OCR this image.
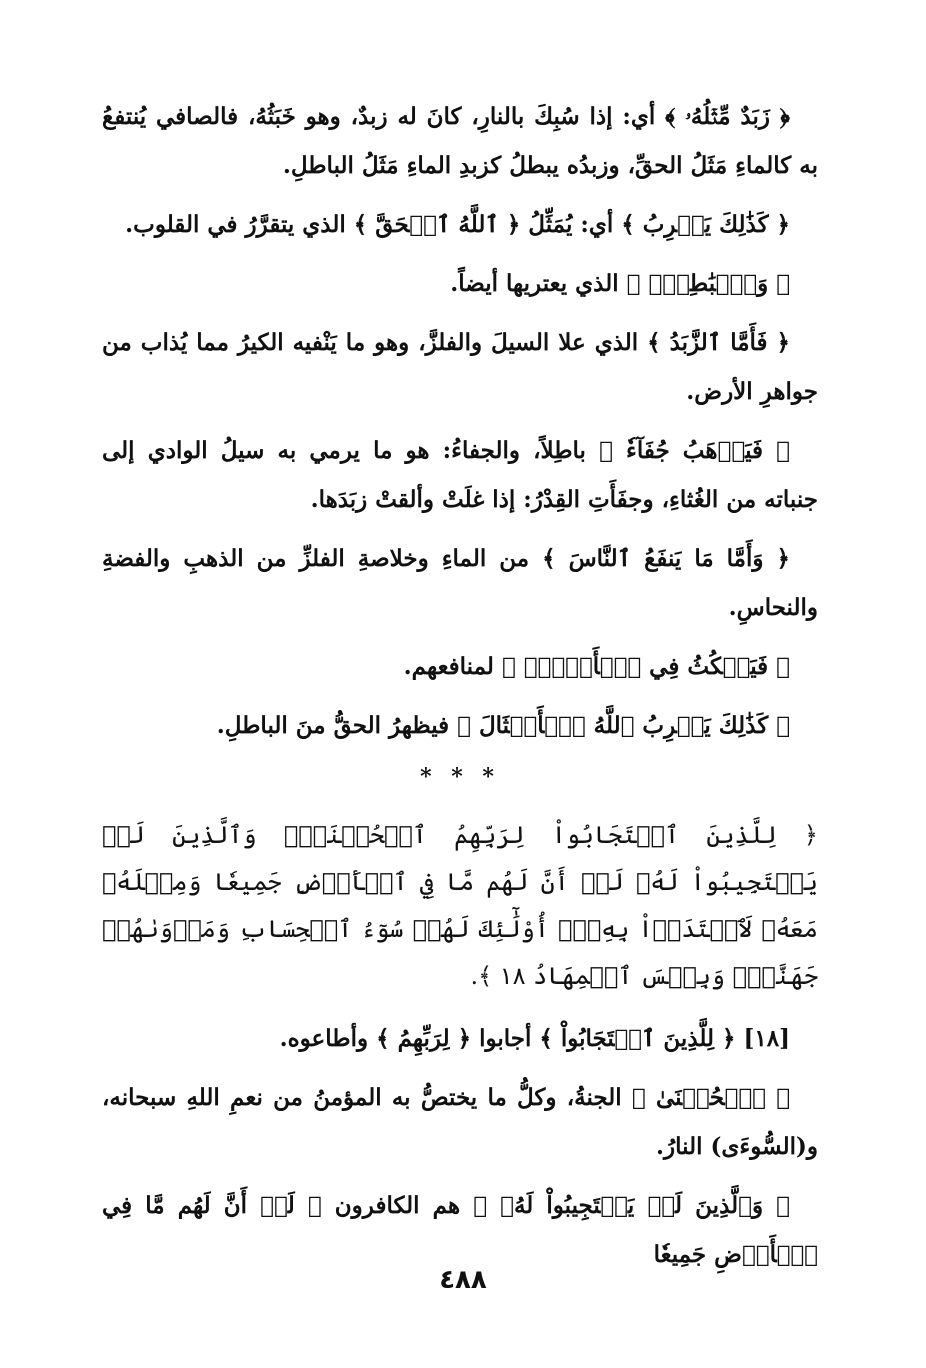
﴿ زَبَدٌ مِّثۡلُهُۥ ﴾ أي: إذا سُبِكَ بالنارِ، كانَ له زبدٌ، وهو خَبَثُهُ، فالصافي يُنتفعُ به كالماءِ مَثَلُ الحقِّ، وزبدُه يبطلُ كزبدِ الماءِ مَثَلُ الباطلِ.

﴿ كَذَٰلِكَ يَضۡرِبُ ﴾ أي: يُمَثِّلُ ﴿ ٱللَّهُ ٱلۡحَقَّ ﴾ الذي يتقرَّرُ في القلوب.

﴿ وَٱلۡبَٰطِلَۚ ﴾ الذي يعتريها أيضاً.

﴿ فَأَمَّا ٱلزَّبَدُ ﴾ الذي علا السيلَ والفلزَّ، وهو ما يَنْفيه الكيرُ مما يُذاب من جواهرِ الأرض.

﴿ فَيَذۡهَبُ جُفَآءٗ ﴾ باطِلاً، والجفاءُ: هو ما يرمي به سيلُ الوادي إلى جنباته من الغُثاءِ، وجفَأَتِ القِدْرُ: إذا غلَتْ وألقتْ زبَدَها.

﴿ وَأَمَّا مَا يَنفَعُ ٱلنَّاسَ ﴾ من الماءِ وخلاصةِ الفلزِّ من الذهبِ والفضةِ والنحاسِ.

﴿ فَيَمۡكُثُ فِي ٱلۡأَرۡضِۚ ﴾ لمنافعهم.

﴿ كَذَٰلِكَ يَضۡرِبُ ٱللَّهُ ٱلۡأَمۡثَالَ ﴾ فيظهرُ الحقُّ منَ الباطلِ.

* * *

﴿ لِلَّذِينَ ٱسۡتَجَابُواْ لِرَبِّهِمُ ٱلۡحُسۡنَىٰۚ وَٱلَّذِينَ لَمۡ يَسۡتَجِيبُواْ لَهُۥ لَوۡ أَنَّ لَهُم مَّا فِي ٱلۡأَرۡضِ جَمِيعٗا وَمِثۡلَهُۥ مَعَهُۥ لَٱفۡتَدَوۡاْ بِهِۦٓۚ أُوْلَٰٓئِكَ لَهُمۡ سُوٓءُ ٱلۡحِسَابِ وَمَأۡوَىٰهُمۡ جَهَنَّمُۖ وَبِئۡسَ ٱلۡمِهَادُ ١٨ ﴾.

[١٨] ﴿ لِلَّذِينَ ٱسۡتَجَابُواْ ﴾ أجابوا ﴿ لِرَبِّهِمُ ﴾ وأطاعوه.

﴿ ٱلۡحُسۡنَىٰ ﴾ الجنةُ، وكلُّ ما يختصُّ به المؤمنُ من نعمِ اللهِ سبحانه، و(السُّوءَى) النارُ.

﴿ وَٱلَّذِينَ لَمۡ يَسۡتَجِيبُواْ لَهُۥ ﴾ هم الكافرون ﴿ لَوۡ أَنَّ لَهُم مَّا فِي ٱلۡأَرۡضِ جَمِيعٗا

٤٨٨
